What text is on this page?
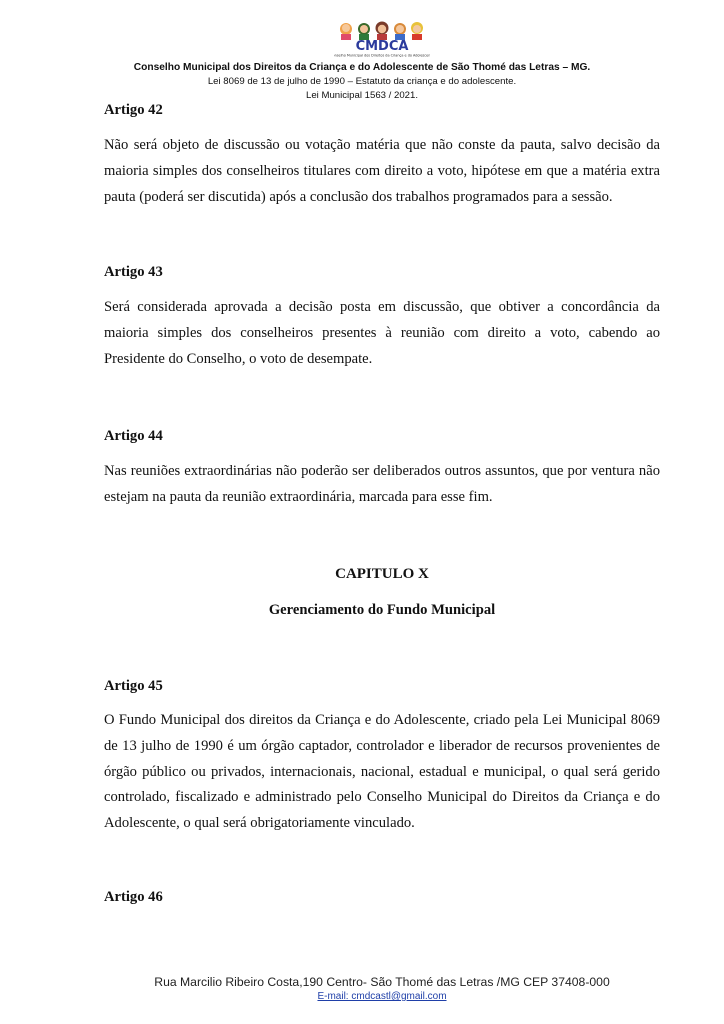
CMDCA
Conselho Municipal dos Direitos da Criança e do Adolescente
Conselho Municipal dos Direitos da Criança e do Adolescente de São Thomé das Letras – MG.
Lei 8069 de 13 de julho de 1990 – Estatuto da criança e do adolescente.
Lei Municipal 1563 / 2021.
Artigo 42
Não será objeto de discussão ou votação matéria que não conste da pauta, salvo decisão da maioria simples dos conselheiros titulares com direito a voto, hipótese em que a matéria extra pauta (poderá ser discutida) após a conclusão dos trabalhos programados para a sessão.
Artigo 43
Será considerada aprovada a decisão posta em discussão, que obtiver a concordância da maioria simples dos conselheiros presentes à reunião com direito a voto, cabendo ao Presidente do Conselho, o voto de desempate.
Artigo 44
Nas reuniões extraordinárias não poderão ser deliberados outros assuntos, que por ventura não estejam na pauta da reunião extraordinária, marcada para esse fim.
CAPITULO X
Gerenciamento do Fundo Municipal
Artigo 45
O Fundo Municipal dos direitos da Criança e do Adolescente, criado pela Lei Municipal 8069 de 13 julho de 1990 é um órgão captador, controlador e liberador de recursos provenientes de órgão público ou privados, internacionais, nacional, estadual e municipal, o qual será gerido controlado, fiscalizado e administrado pelo Conselho Municipal do Direitos da Criança e do Adolescente, o qual será obrigatoriamente vinculado.
Artigo 46
Rua Marcilio Ribeiro Costa,190 Centro- São Thomé das Letras /MG CEP 37408-000
E-mail: cmdcastl@gmail.com
